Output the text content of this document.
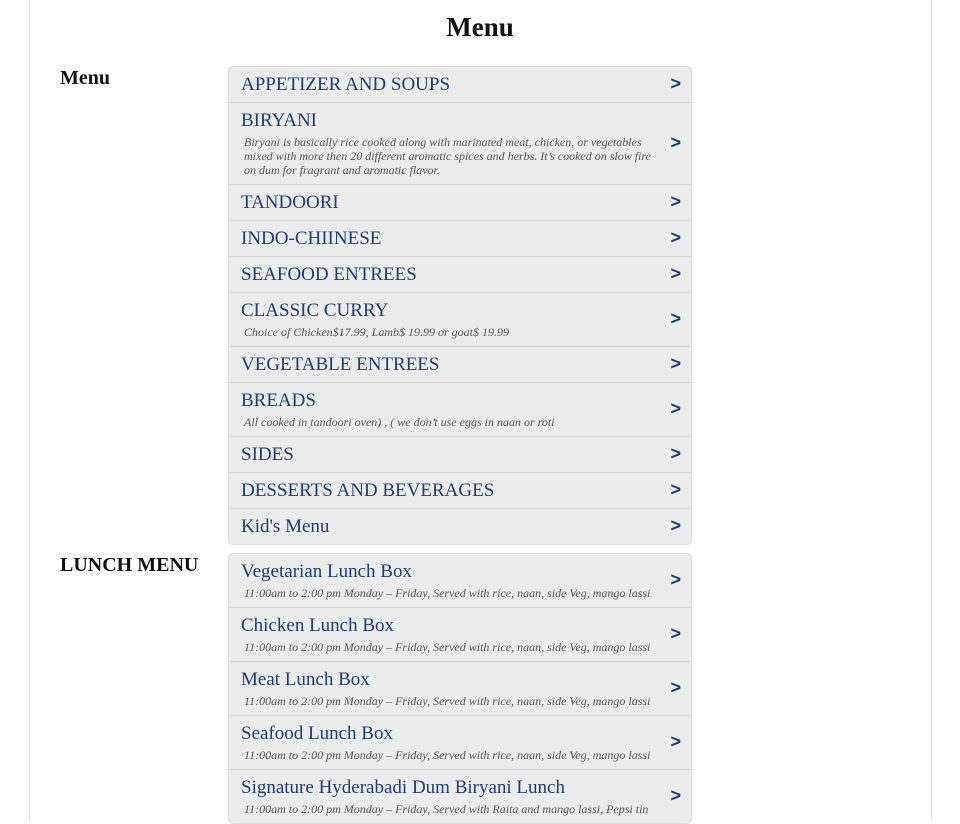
Menu
Menu	APPETIZER AND SOUPS	>
BIRYANI
Biryani is basically rice cooked along with marinated meat, chicken, or vegetables mixed with more then 20 different aromatic spices and herbs. It’s cooked on slow fire on dum for fragrant and aromatic flavor.
>
TANDOORI	>
INDO-CHIINESE	>
SEAFOOD ENTREES	>
CLASSIC CURRY
Choice of Chicken$17.99, Lamb$ 19.99 or goat$ 19.99
>
VEGETABLE ENTREES	>
BREADS
All cooked in tandoori oven) , ( we don’t use eggs in naan or roti
>
SIDES	>
DESSERTS AND BEVERAGES	>
Kid's Menu	>
LUNCH MENU Vegetarian Lunch Box
11:00am to 2:00 pm Monday – Friday, Served with rice, naan, side Veg, mango lassi
>
Chicken Lunch Box
11:00am to 2:00 pm Monday – Friday, Served with rice, naan, side Veg, mango lassi
>
Meat Lunch Box
11:00am to 2:00 pm Monday – Friday, Served with rice, naan, side Veg, mango lassi
>
Seafood Lunch Box
11:00am to 2:00 pm Monday – Friday, Served with rice, naan, side Veg, mango lassi
>
Signature Hyderabadi Dum Biryani Lunch
11:00am to 2:00 pm Monday – Friday, Served with Raita and mango lassi, Pepsi tin
>
